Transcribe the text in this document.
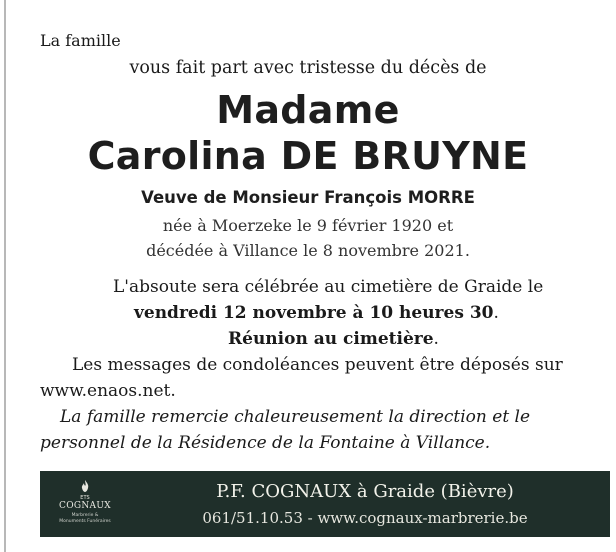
La famille
vous fait part avec tristesse du décès de
Madame
Carolina DE BRUYNE
Veuve de Monsieur François MORRE
née à Moerzeke le 9 février 1920 et
décédée à Villance le 8 novembre 2021.
L'absoute sera célébrée au cimetière de Graide le
vendredi 12 novembre à 10 heures 30.
Réunion au cimetière.
Les messages de condoléances peuvent être déposés sur
www.enaos.net.
La famille remercie chaleureusement la direction et le
personnel de la Résidence de la Fontaine à Villance.
ETS
COGNAUX
Marbrerie &
Monuments Funéraires
P.F. COGNAUX à Graide (Bièvre)
061/51.10.53 - www.cognaux-marbrerie.be
